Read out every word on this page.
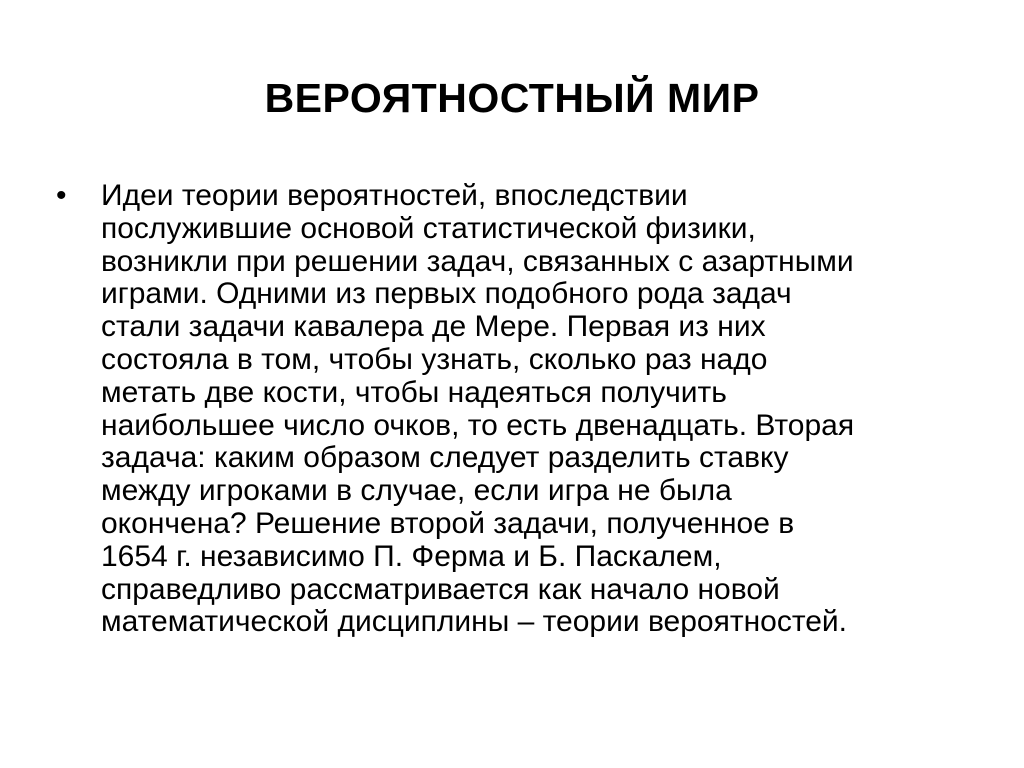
ВЕРОЯТНОСТНЫЙ МИР
•	Идеи теории вероятностей, впоследствии
послужившие основой статистической физики,
возникли при решении задач, связанных с азартными
играми. Одними из первых подобного рода задач
стали задачи кавалера де Мере. Первая из них
состояла в том, чтобы узнать, сколько раз надо
метать две кости, чтобы надеяться получить
наибольшее число очков, то есть двенадцать. Вторая
задача: каким образом следует разделить ставку
между игроками в случае, если игра не была
окончена? Решение второй задачи, полученное в
1654 г. независимо П. Ферма и Б. Паскалем,
справедливо рассматривается как начало новой
математической дисциплины – теории вероятностей.
